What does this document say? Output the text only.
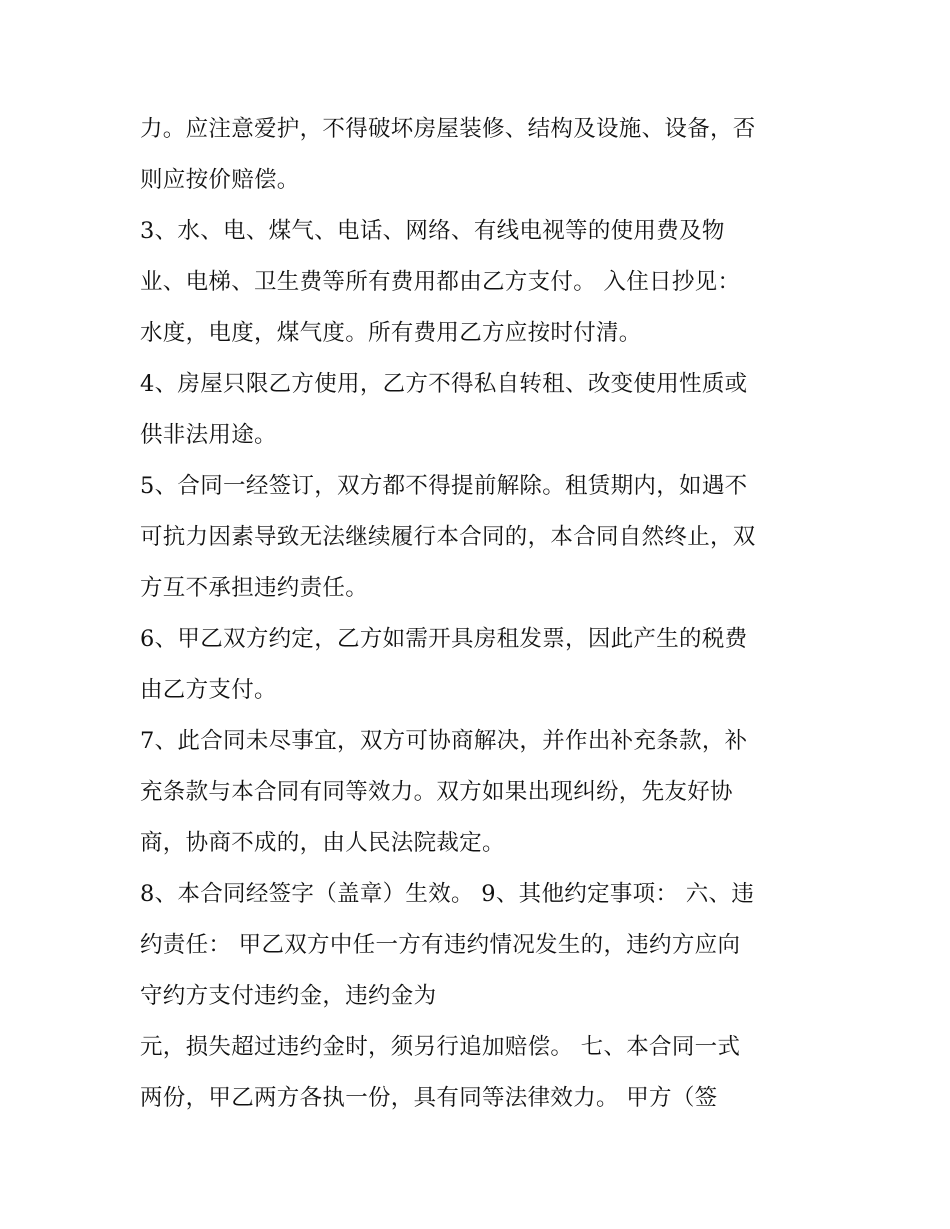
力。应注意爱护，不得破坏房屋装修、结构及设施、设备，否
则应按价赔偿。
3、水、电、煤气、电话、网络、有线电视等的使用费及物
业、电梯、卫生费等所有费用都由乙方支付。 入住日抄见：
水度，电度，煤气度。所有费用乙方应按时付清。
4、房屋只限乙方使用，乙方不得私自转租、改变使用性质或
供非法用途。
5、合同一经签订，双方都不得提前解除。租赁期内，如遇不
可抗力因素导致无法继续履行本合同的，本合同自然终止，双
方互不承担违约责任。
6、甲乙双方约定，乙方如需开具房租发票，因此产生的税费
由乙方支付。
7、此合同未尽事宜，双方可协商解决，并作出补充条款，补
充条款与本合同有同等效力。双方如果出现纠纷，先友好协
商，协商不成的，由人民法院裁定。
8、本合同经签字（盖章）生效。 9、其他约定事项： 六、违
约责任： 甲乙双方中任一方有违约情况发生的，违约方应向
守约方支付违约金，违约金为
元，损失超过违约金时，须另行追加赔偿。 七、本合同一式
两份，甲乙两方各执一份，具有同等法律效力。 甲方（签
